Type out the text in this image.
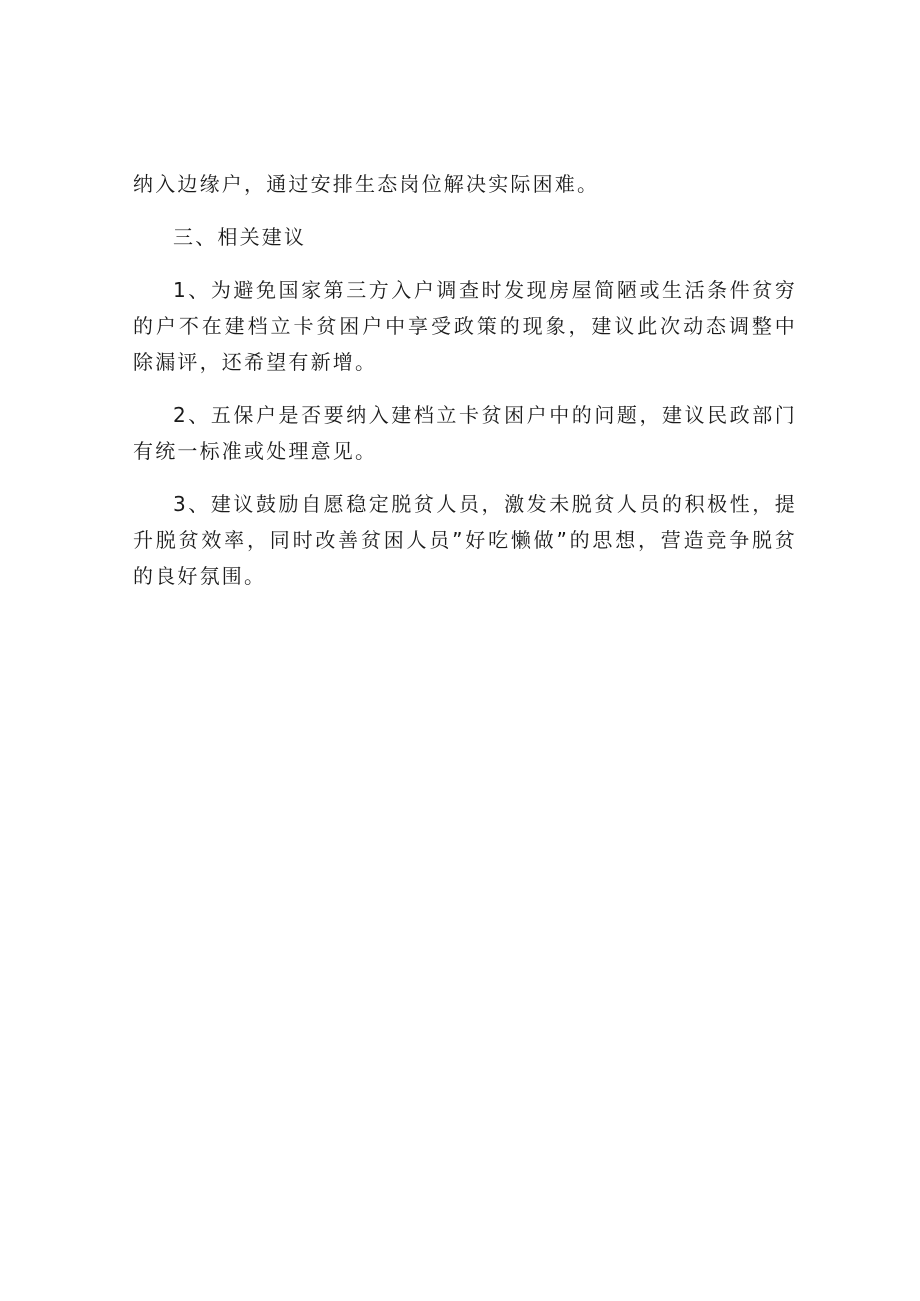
纳入边缘户，通过安排生态岗位解决实际困难。

三、相关建议

1、为避免国家第三方入户调查时发现房屋简陋或生活条件贫穷的户不在建档立卡贫困户中享受政策的现象，建议此次动态调整中除漏评，还希望有新增。

2、五保户是否要纳入建档立卡贫困户中的问题，建议民政部门有统一标准或处理意见。

3、建议鼓励自愿稳定脱贫人员，激发未脱贫人员的积极性，提升脱贫效率，同时改善贫困人员”好吃懒做”的思想，营造竞争脱贫的良好氛围。
